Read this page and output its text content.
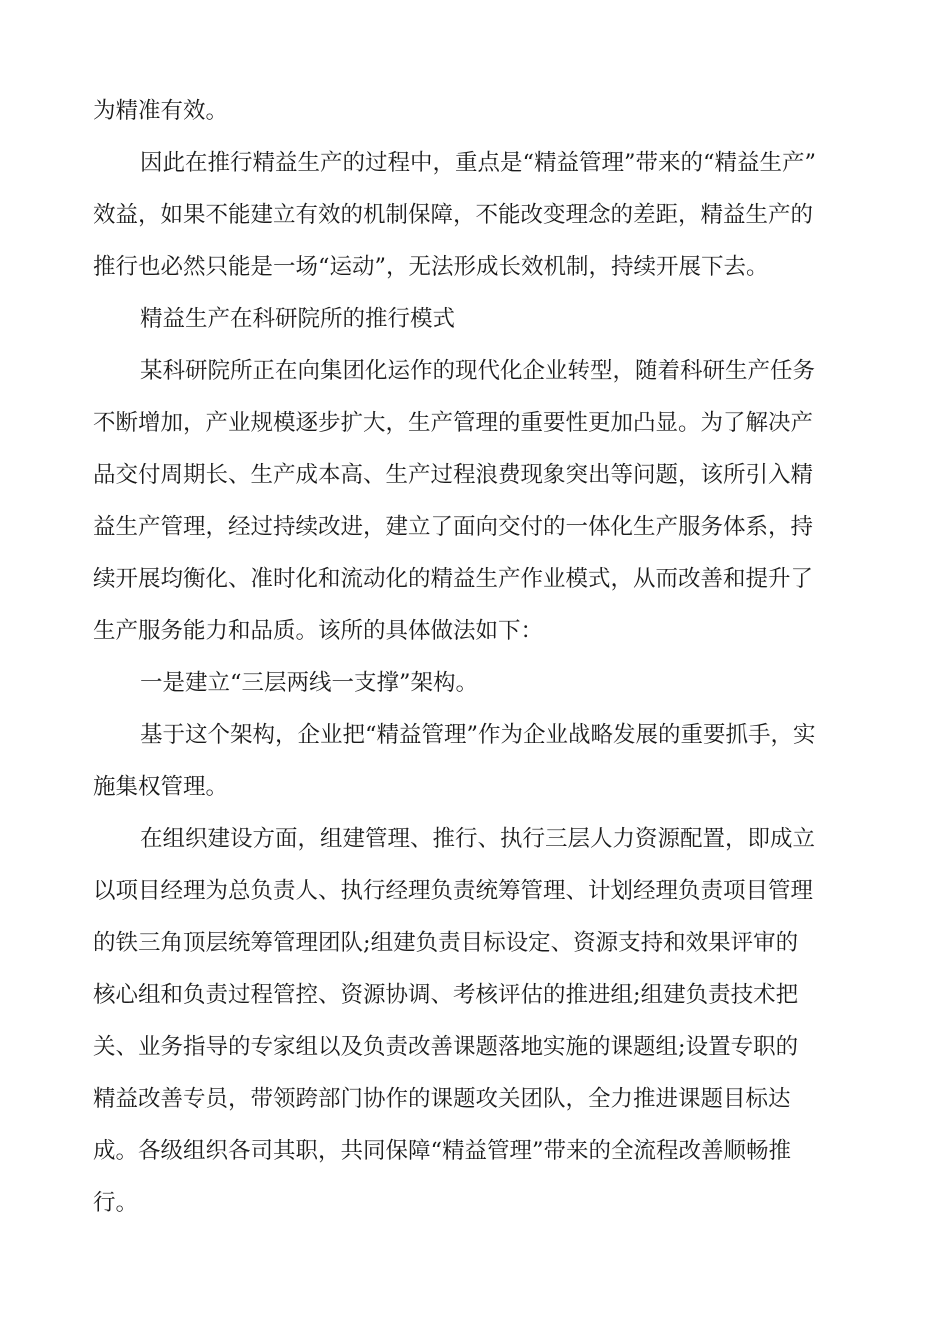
为精准有效。

因此在推行精益生产的过程中，重点是“精益管理”带来的“精益生产”

效益，如果不能建立有效的机制保障，不能改变理念的差距，精益生产的

推行也必然只能是一场“运动”，无法形成长效机制，持续开展下去。

精益生产在科研院所的推行模式

某科研院所正在向集团化运作的现代化企业转型，随着科研生产任务

不断增加，产业规模逐步扩大，生产管理的重要性更加凸显。为了解决产

品交付周期长、生产成本高、生产过程浪费现象突出等问题，该所引入精

益生产管理，经过持续改进，建立了面向交付的一体化生产服务体系，持

续开展均衡化、准时化和流动化的精益生产作业模式，从而改善和提升了

生产服务能力和品质。该所的具体做法如下：

一是建立“三层两线一支撑”架构。

基于这个架构，企业把“精益管理”作为企业战略发展的重要抓手，实

施集权管理。

在组织建设方面，组建管理、推行、执行三层人力资源配置，即成立

以项目经理为总负责人、执行经理负责统筹管理、计划经理负责项目管理

的铁三角顶层统筹管理团队;组建负责目标设定、资源支持和效果评审的

核心组和负责过程管控、资源协调、考核评估的推进组;组建负责技术把

关、业务指导的专家组以及负责改善课题落地实施的课题组;设置专职的

精益改善专员，带领跨部门协作的课题攻关团队，全力推进课题目标达

成。各级组织各司其职，共同保障“精益管理”带来的全流程改善顺畅推

行。
